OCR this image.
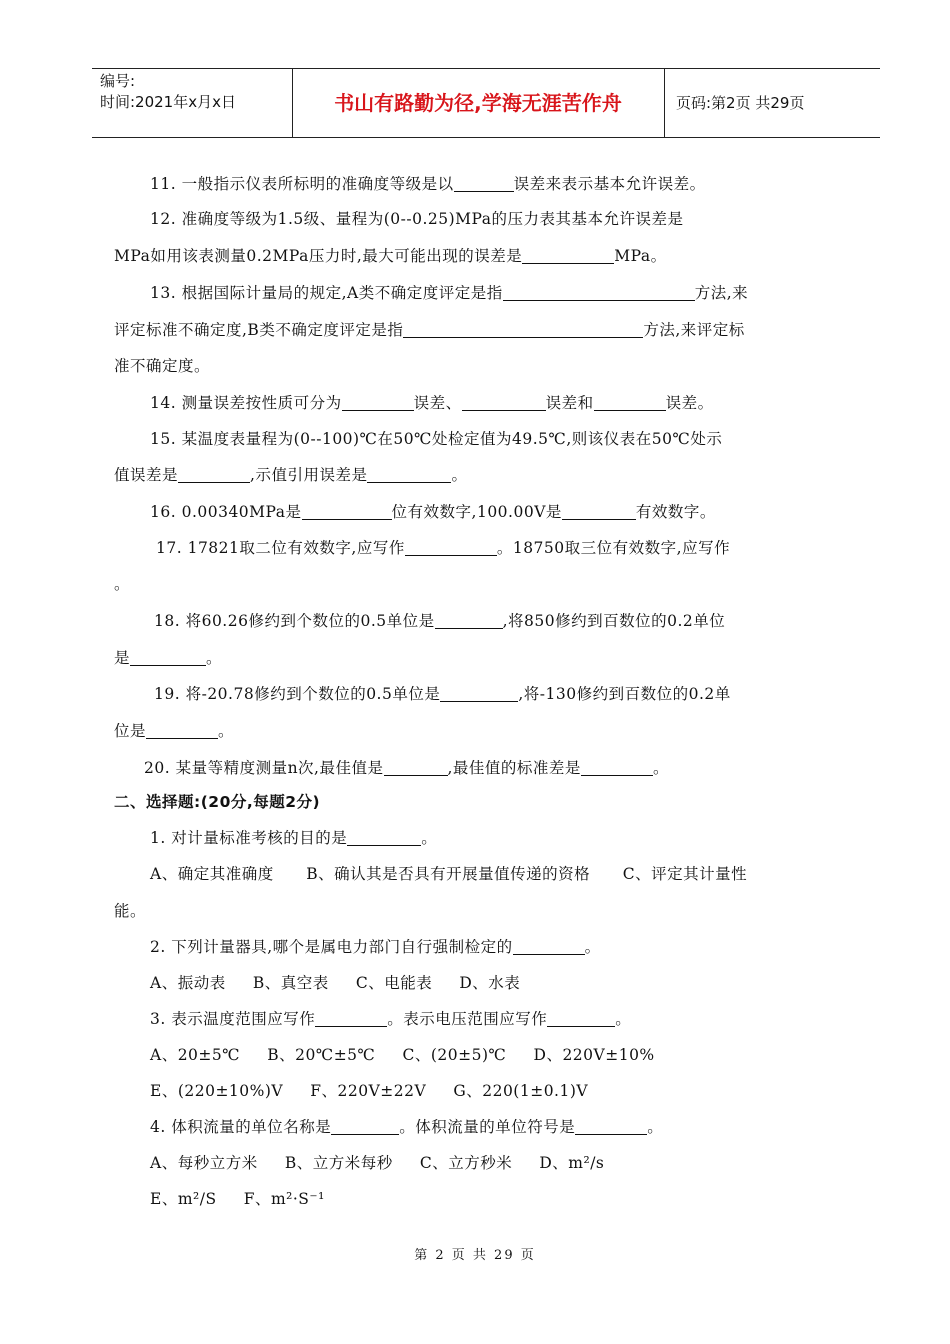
编号:
时间:2021年x月x日	书山有路勤为径,学海无涯苦作舟	页码:第2页 共29页
11. 一般指示仪表所标明的准确度等级是以	误差来表示基本允许误差。
12. 准确度等级为1.5级、量程为(0--0.25)MPa的压力表其基本允许误差是
MPa如用该表测量0.2MPa压力时,最大可能出现的误差是	MPa。
13. 根据国际计量局的规定,A类不确定度评定是指	方法,来
评定标准不确定度,B类不确定度评定是指	方法,来评定标
准不确定度。
14. 测量误差按性质可分为	误差、	误差和	误差。
15. 某温度表量程为(0--100)℃在50℃处检定值为49.5℃,则该仪表在50℃处示
值误差是	,示值引用误差是	。
16. 0.00340MPa是	位有效数字,100.00V是	有效数字。
17. 17821取二位有效数字,应写作	。18750取三位有效数字,应写作
。
18. 将60.26修约到个数位的0.5单位是	,将850修约到百数位的0.2单位
是	。
19. 将-20.78修约到个数位的0.5单位是	,将-130修约到百数位的0.2单
位是	。
20. 某量等精度测量n次,最佳值是	,最佳值的标准差是	。
二、选择题:(20分,每题2分)
1. 对计量标准考核的目的是	。
A、确定其准确度      B、确认其是否具有开展量值传递的资格      C、评定其计量性
能。
2. 下列计量器具,哪个是属电力部门自行强制检定的	。
A、振动表     B、真空表     C、电能表     D、水表
3. 表示温度范围应写作	。表示电压范围应写作	。
A、20±5℃     B、20℃±5℃     C、(20±5)℃     D、220V±10%
E、(220±10%)V     F、220V±22V     G、220(1±0.1)V
4. 体积流量的单位名称是	。体积流量的单位符号是	。
A、每秒立方米     B、立方米每秒     C、立方秒米     D、m²/s
E、m²/S     F、m²·S⁻¹
第 2 页 共 29 页
